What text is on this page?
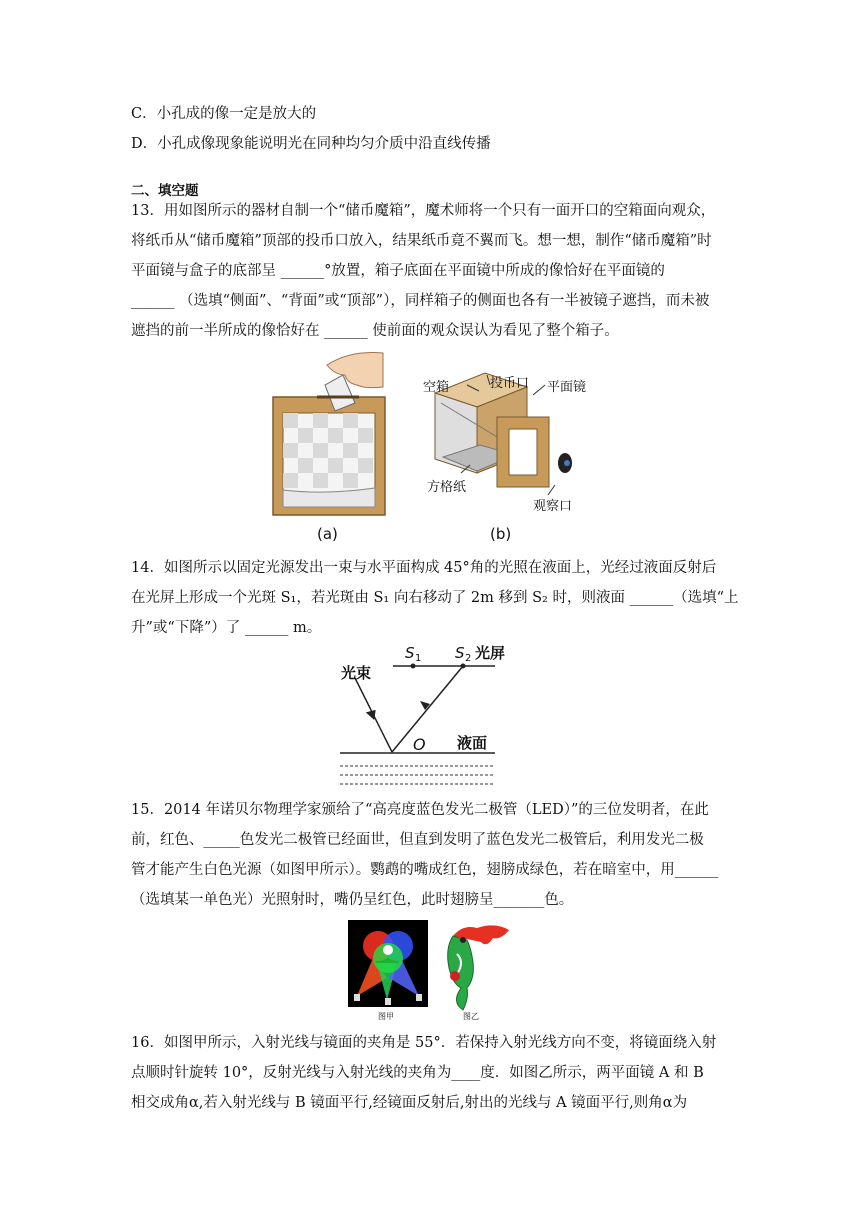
C．小孔成的像一定是放大的
D．小孔成像现象能说明光在同种均匀介质中沿直线传播
二、填空题
13．用如图所示的器材自制一个“储币魔箱”，魔术师将一个只有一面开口的空箱面向观众，
将纸币从“储币魔箱”顶部的投币口放入，结果纸币竟不翼而飞。想一想，制作“储币魔箱”时
平面镜与盒子的底部呈 ______°放置，箱子底面在平面镜中所成的像恰好在平面镜的
______ （选填“侧面”、“背面”或“顶部”），同样箱子的侧面也各有一半被镜子遮挡，而未被
遮挡的前一半所成的像恰好在 ______ 使前面的观众误认为看见了整个箱子。
空箱	投币口 平面镜
方格纸
观察口
(a)	(b)
14．如图所示以固定光源发出一束与水平面构成 45°角的光照在液面上，光经过液面反射后
在光屏上形成一个光斑 S₁，若光斑由 S₁ 向右移动了 2m 移到 S₂ 时，则液面 ______（选填“上
升”或“下降”）了 ______ m。
光束
S 1 S 2 光屏
O 液面
15．2014 年诺贝尔物理学家颁给了“高亮度蓝色发光二极管（LED）”的三位发明者，在此
前，红色、_____色发光二极管已经面世，但直到发明了蓝色发光二极管后，利用发光二极
管才能产生白色光源（如图甲所示）。鹦鹉的嘴成红色，翅膀成绿色，若在暗室中，用______
（选填某一单色光）光照射时，嘴仍呈红色，此时翅膀呈_______色。
图甲	图乙
16．如图甲所示，入射光线与镜面的夹角是 55°．若保持入射光线方向不变，将镜面绕入射
点顺时针旋转 10°，反射光线与入射光线的夹角为____度．如图乙所示，两平面镜 A 和 B
相交成角α,若入射光线与 B 镜面平行,经镜面反射后,射出的光线与 A 镜面平行,则角α为
